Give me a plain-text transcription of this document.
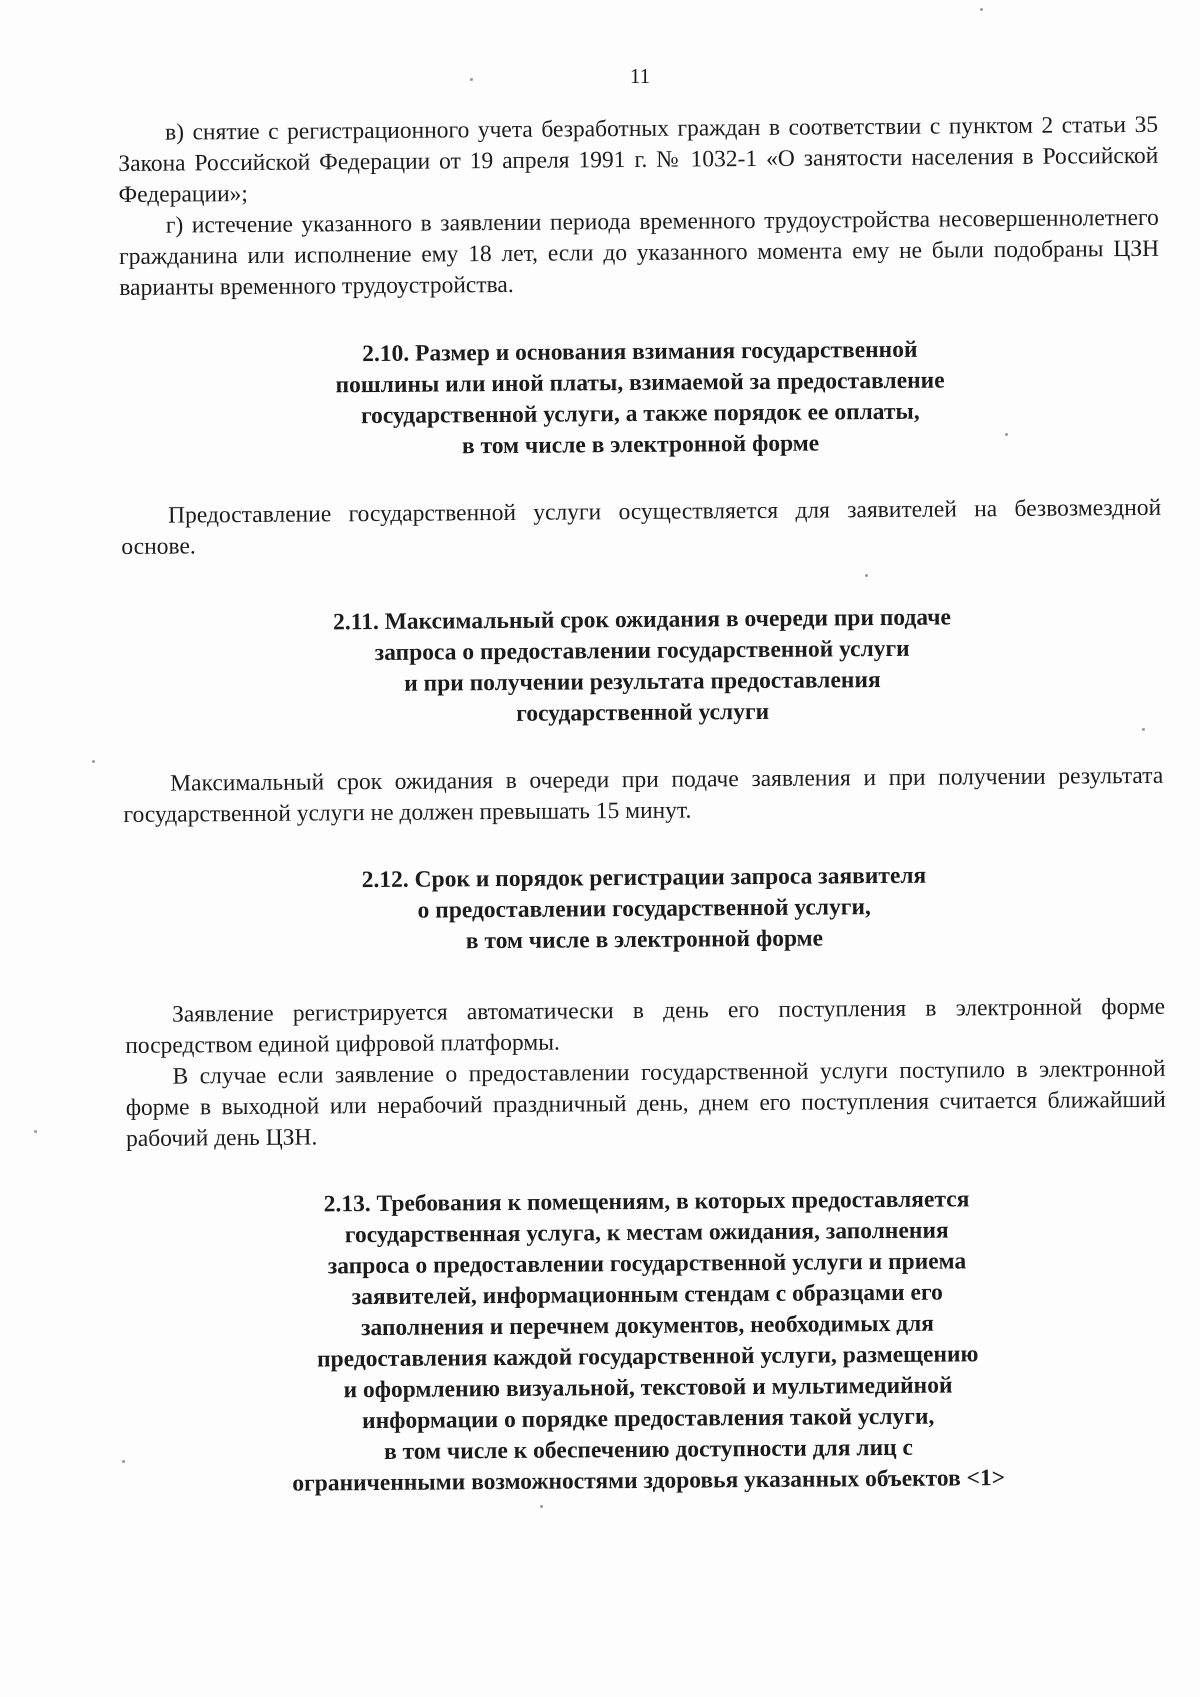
11

в) снятие с регистрационного учета безработных граждан в соответствии с пунктом 2 статьи 35 Закона Российской Федерации от 19 апреля 1991 г. № 1032-1 «О занятости населения в Российской Федерации»;

г) истечение указанного в заявлении периода временного трудоустройства несовершеннолетнего гражданина или исполнение ему 18 лет, если до указанного момента ему не были подобраны ЦЗН варианты временного трудоустройства.

2.10. Размер и основания взимания государственной
пошлины или иной платы, взимаемой за предоставление
государственной услуги, а также порядок ее оплаты,
в том числе в электронной форме

Предоставление государственной услуги осуществляется для заявителей на безвозмездной основе.

2.11. Максимальный срок ожидания в очереди при подаче
запроса о предоставлении государственной услуги
и при получении результата предоставления
государственной услуги

Максимальный срок ожидания в очереди при подаче заявления и при получении результата государственной услуги не должен превышать 15 минут.

2.12. Срок и порядок регистрации запроса заявителя
о предоставлении государственной услуги,
в том числе в электронной форме

Заявление регистрируется автоматически в день его поступления в электронной форме посредством единой цифровой платформы.

В случае если заявление о предоставлении государственной услуги поступило в электронной форме в выходной или нерабочий праздничный день, днем его поступления считается ближайший рабочий день ЦЗН.

2.13. Требования к помещениям, в которых предоставляется
государственная услуга, к местам ожидания, заполнения
запроса о предоставлении государственной услуги и приема
заявителей, информационным стендам с образцами его
заполнения и перечнем документов, необходимых для
предоставления каждой государственной услуги, размещению
и оформлению визуальной, текстовой и мультимедийной
информации о порядке предоставления такой услуги,
в том числе к обеспечению доступности для лиц с
ограниченными возможностями здоровья указанных объектов <1>
